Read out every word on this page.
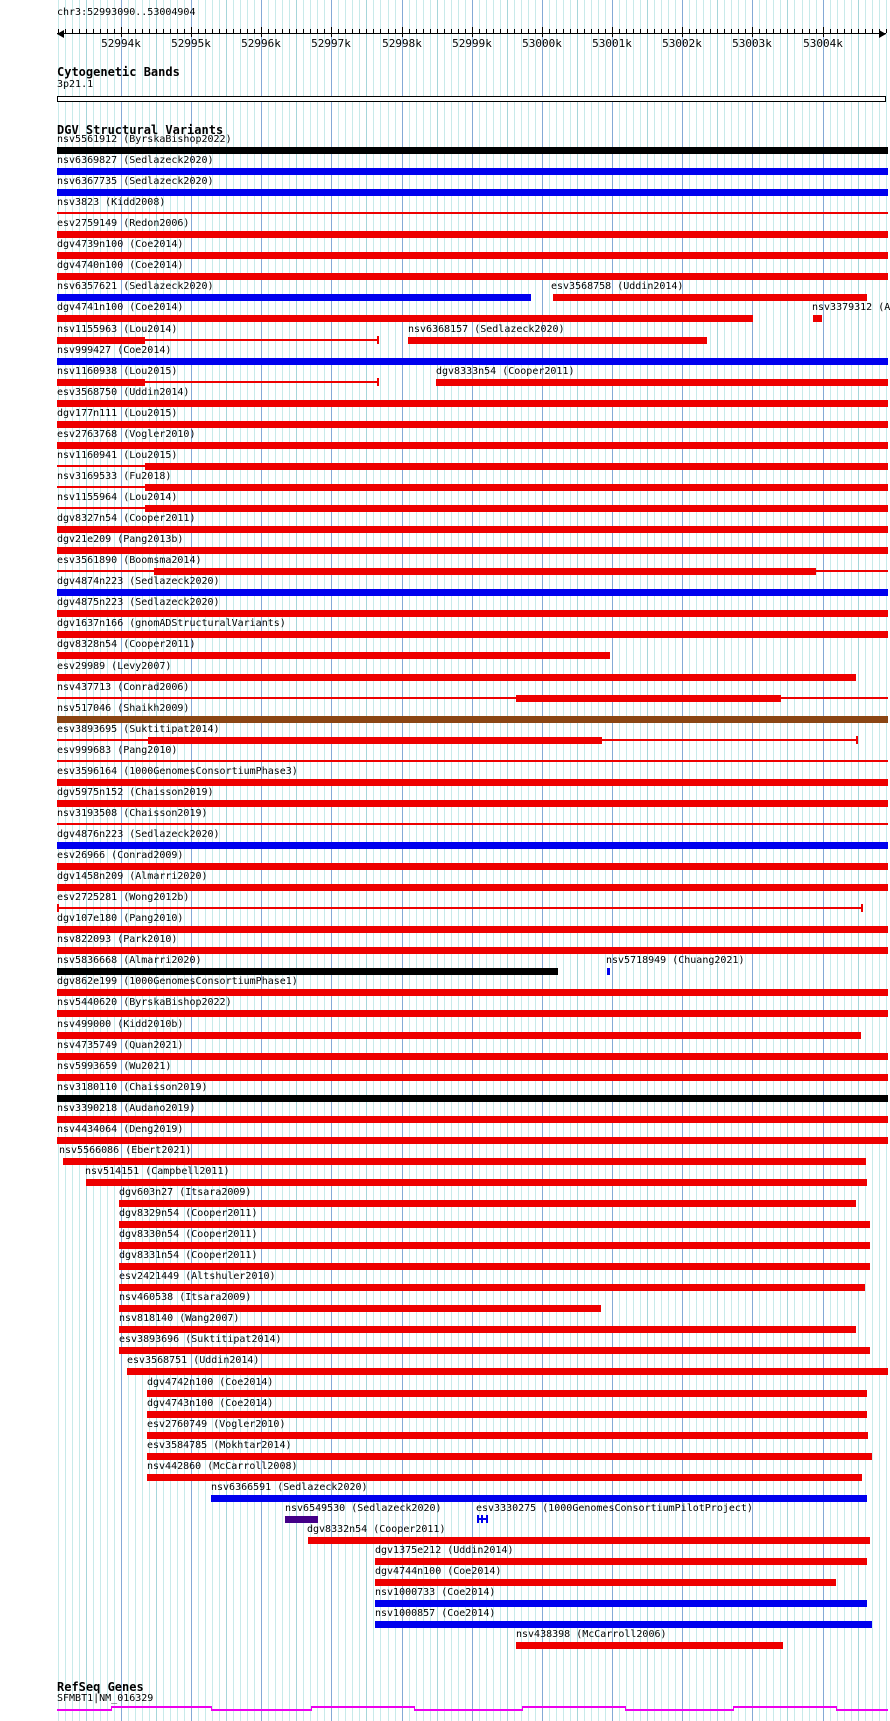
chr3:52993090..53004904
52994k	52995k	52996k	52997k	52998k	52999k	53000k	53001k	53002k	53003k	53004k
Cytogenetic Bands
3p21.1
DGV Structural Variants
nsv5561912 (ByrskaBishop2022)
nsv6369827 (Sedlazeck2020)
nsv6367735 (Sedlazeck2020)
nsv3823 (Kidd2008)
esv2759149 (Redon2006)
dgv4739n100 (Coe2014)
dgv4740n100 (Coe2014)
nsv6357621 (Sedlazeck2020)	esv3568758 (Uddin2014)
dgv4741n100 (Coe2014)	nsv3379312 (A
nsv1155963 (Lou2014)	nsv6368157 (Sedlazeck2020)
nsv999427 (Coe2014)
nsv1160938 (Lou2015)	dgv8333n54 (Cooper2011)
esv3568750 (Uddin2014)
dgv177n111 (Lou2015)
esv2763768 (Vogler2010)
nsv1160941 (Lou2015)
nsv3169533 (Fu2018)
nsv1155964 (Lou2014)
dgv8327n54 (Cooper2011)
dgv21e209 (Pang2013b)
esv3561890 (Boomsma2014)
dgv4874n223 (Sedlazeck2020)
dgv4875n223 (Sedlazeck2020)
dgv1637n166 (gnomADStructuralVariants)
dgv8328n54 (Cooper2011)
esv29989 (Levy2007)
nsv437713 (Conrad2006)
nsv517046 (Shaikh2009)
esv3893695 (Suktitipat2014)
esv999683 (Pang2010)
esv3596164 (1000GenomesConsortiumPhase3)
dgv5975n152 (Chaisson2019)
nsv3193508 (Chaisson2019)
dgv4876n223 (Sedlazeck2020)
esv26966 (Conrad2009)
dgv1458n209 (Almarri2020)
esv2725281 (Wong2012b)
dgv107e180 (Pang2010)
nsv822093 (Park2010)
nsv5836668 (Almarri2020)	nsv5718949 (Chuang2021)
dgv862e199 (1000GenomesConsortiumPhase1)
nsv5440620 (ByrskaBishop2022)
nsv499000 (Kidd2010b)
nsv4735749 (Quan2021)
nsv5993659 (Wu2021)
nsv3180110 (Chaisson2019)
nsv3390218 (Audano2019)
nsv4434064 (Deng2019)
nsv5566086 (Ebert2021)
nsv514151 (Campbell2011)
dgv603n27 (Itsara2009)
dgv8329n54 (Cooper2011)
dgv8330n54 (Cooper2011)
dgv8331n54 (Cooper2011)
esv2421449 (Altshuler2010)
nsv460538 (Itsara2009)
nsv818140 (Wang2007)
esv3893696 (Suktitipat2014)
esv3568751 (Uddin2014)
dgv4742n100 (Coe2014)
dgv4743n100 (Coe2014)
esv2760749 (Vogler2010)
esv3584785 (Mokhtar2014)
nsv442860 (McCarroll2008)
nsv6366591 (Sedlazeck2020)
nsv6549530 (Sedlazeck2020)	esv3330275 (1000GenomesConsortiumPilotProject)
dgv8332n54 (Cooper2011)
dgv1375e212 (Uddin2014)
dgv4744n100 (Coe2014)
nsv1000733 (Coe2014)
nsv1000857 (Coe2014)
nsv438398 (McCarroll2006)
RefSeq Genes
SFMBT1|NM_016329
